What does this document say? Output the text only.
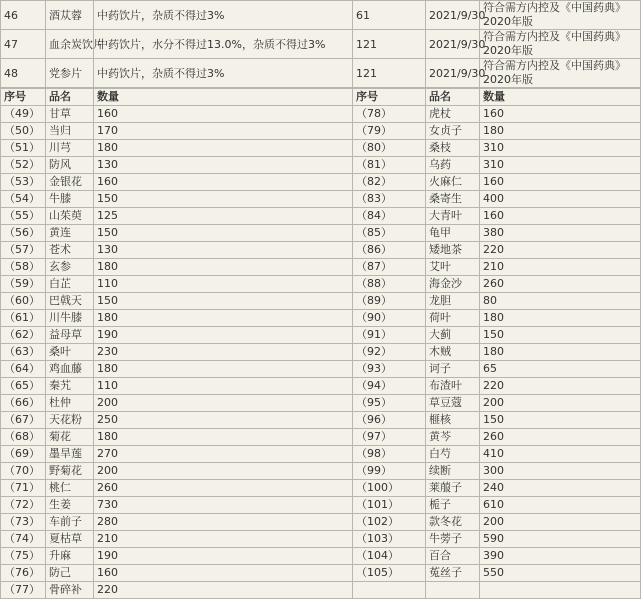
46	酒苁蓉	中药饮片，杂质不得过3%	61	2021/9/30	符合需方内控及《中国药典》2020年版
47	血余炭饮片	中药饮片，水分不得过13.0%，杂质不得过3%	121	2021/9/30	符合需方内控及《中国药典》2020年版
48	党参片	中药饮片，杂质不得过3%	121	2021/9/30	符合需方内控及《中国药典》2020年版
序号	品名	数量	序号	品名	数量
（49）	甘草	160	（78）	虎杖	160
（50）	当归	170	（79）	女贞子	180
（51）	川芎	180	（80）	桑枝	310
（52）	防风	130	（81）	乌药	310
（53）	金银花	160	（82）	火麻仁	160
（54）	牛膝	150	（83）	桑寄生	400
（55）	山茱萸	125	（84）	大青叶	160
（56）	黄连	150	（85）	龟甲	380
（57）	苍术	130	（86）	矮地茶	220
（58）	玄参	180	（87）	艾叶	210
（59）	白芷	110	（88）	海金沙	260
（60）	巴戟天	150	（89）	龙胆	80
（61）	川牛膝	180	（90）	荷叶	180
（62）	益母草	190	（91）	大蓟	150
（63）	桑叶	230	（92）	木贼	180
（64）	鸡血藤	180	（93）	诃子	65
（65）	秦艽	110	（94）	布渣叶	220
（66）	杜仲	200	（95）	草豆蔻	200
（67）	天花粉	250	（96）	榧核	150
（68）	菊花	180	（97）	黄芩	260
（69）	墨旱莲	270	（98）	白芍	410
（70）	野菊花	200	（99）	续断	300
（71）	桃仁	260	（100）	莱菔子	240
（72）	生姜	730	（101）	栀子	610
（73）	车前子	280	（102）	款冬花	200
（74）	夏枯草	210	（103）	牛蒡子	590
（75）	升麻	190	（104）	百合	390
（76）	防己	160	（105）	菟丝子	550
（77）	骨碎补	220			
